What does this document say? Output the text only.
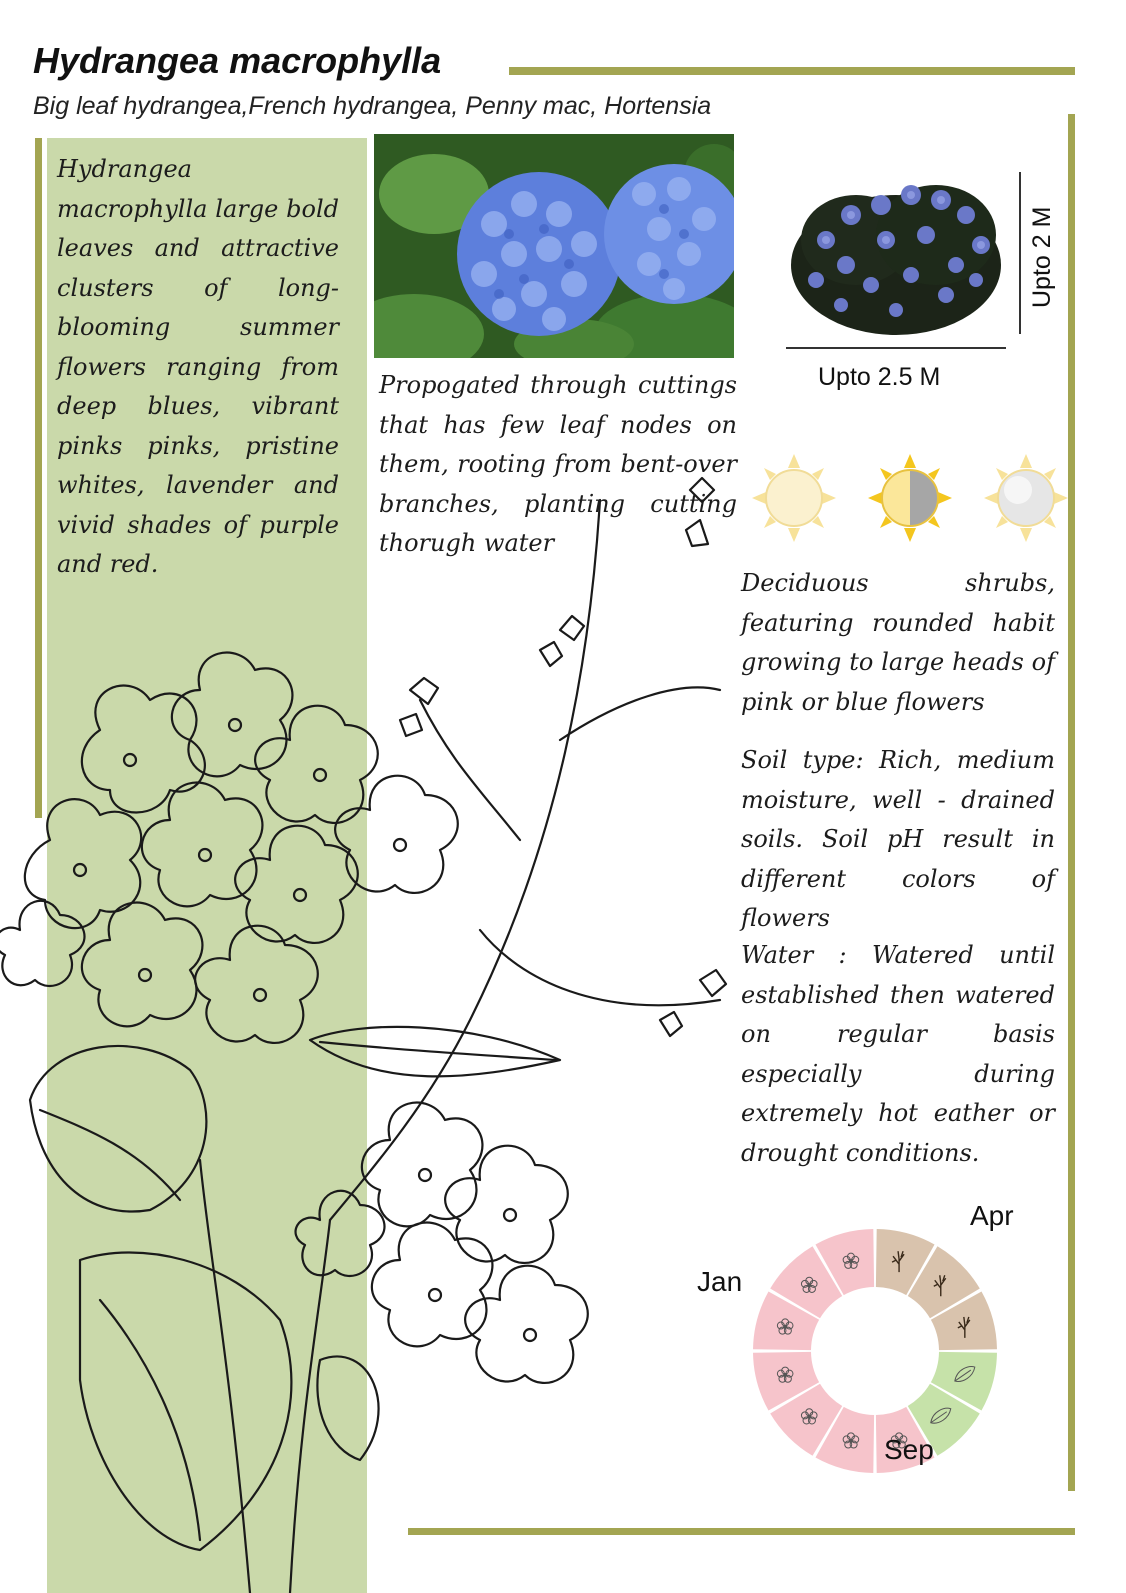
Hydrangea macrophylla
Big leaf hydrangea,French hydrangea, Penny mac, Hortensia
Hydrangea macrophylla large bold leaves and attractive clusters of long-blooming summer flowers ranging from deep blues, vibrant pinks pinks, pristine whites, lavender and vivid shades of purple and red.
Propogated through cuttings that has few leaf nodes on them, rooting from bent-over branches, planting cutting thorugh water
Upto 2 M
Upto 2.5 M
Deciduous shrubs, featuring rounded habit growing to large heads of pink or blue flowers
Soil type: Rich, medium moisture, well - drained soils. Soil pH result in different colors of flowers
Water : Watered until established then watered on regular basis especially during extremely hot eather or drought conditions.
Jan
Apr
Sep
